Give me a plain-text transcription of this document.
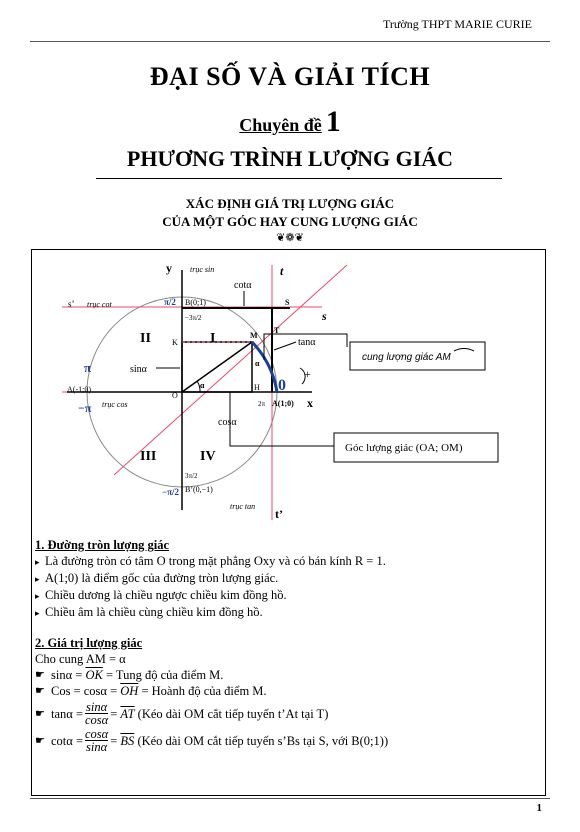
Trường THPT MARIE CURIE
ĐẠI SỐ VÀ GIẢI TÍCH
Chuyên đề 1
PHƯƠNG TRÌNH LƯỢNG GIÁC
XÁC ĐỊNH GIÁ TRỊ LƯỢNG GIÁC
CỦA MỘT GÓC HAY CUNG LƯỢNG GIÁC
❦❁❦
0
+
y trục sin	t
s
s’ trục cot
trục cos	x
trục tan
t’
π/2 B(0;1)
−3π/2
3π/2
−π/2 B’(0,−1)
π
−π
A(-1;0)
O
2π A(1;0)
M
T
S
K
H
α
α
I
II
III	IV
cotα
tanα
sinα
cosα
cung lượng giác AM
Góc lượng giác (OA; OM)
1. Đường tròn lượng giác
▸ Là đường tròn có tâm O trong mặt phẳng Oxy và có bán kính R = 1.
▸ A(1;0) là điểm gốc của đường tròn lượng giác.
▸ Chiều dương là chiều ngược chiều kim đồng hồ.
▸ Chiều âm là chiều cùng chiều kim đồng hồ.
2. Giá trị lượng giác
Cho cung AM = α
☛ $\sin\alpha = \overline{OK}$ = Tung độ của điểm M.
☛ Cos = $\cos\alpha = \overline{OH}$ = Hoành độ của điểm M.
☛ $\tan\alpha = \frac{\sin\alpha}{\cos\alpha}$ =
$\overline{AT}$
(Kéo dài OM cắt tiếp tuyến t’At tại T)
☛ $\cot\alpha = \frac{\cos\alpha}{\sin\alpha}$ =
$\overline{BS}$
(Kéo dài OM cắt tiếp tuyến s’Bs tại S, với B(0;1))
1
